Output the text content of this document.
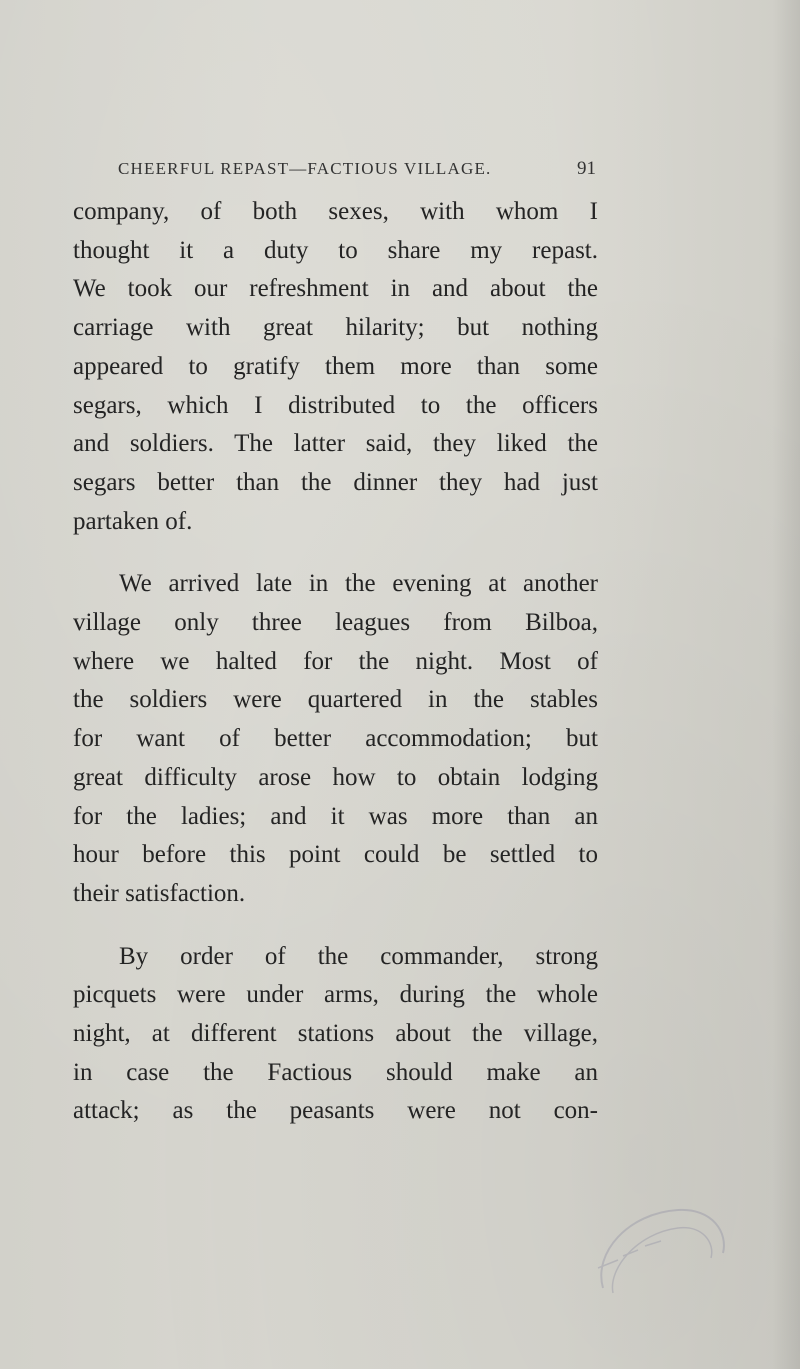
CHEERFUL REPAST—FACTIOUS VILLAGE.	91

company, of both sexes, with whom I
thought it a duty to share my repast.
We took our refreshment in and about the
carriage with great hilarity; but nothing
appeared to gratify them more than some
segars, which I distributed to the officers
and soldiers. The latter said, they liked the
segars better than the dinner they had just
partaken of.

We arrived late in the evening at another
village only three leagues from Bilboa,
where we halted for the night. Most of
the soldiers were quartered in the stables
for want of better accommodation; but
great difficulty arose how to obtain lodging
for the ladies; and it was more than an
hour before this point could be settled to
their satisfaction.

By order of the commander, strong
picquets were under arms, during the whole
night, at different stations about the village,
in case the Factious should make an
attack; as the peasants were not con-
